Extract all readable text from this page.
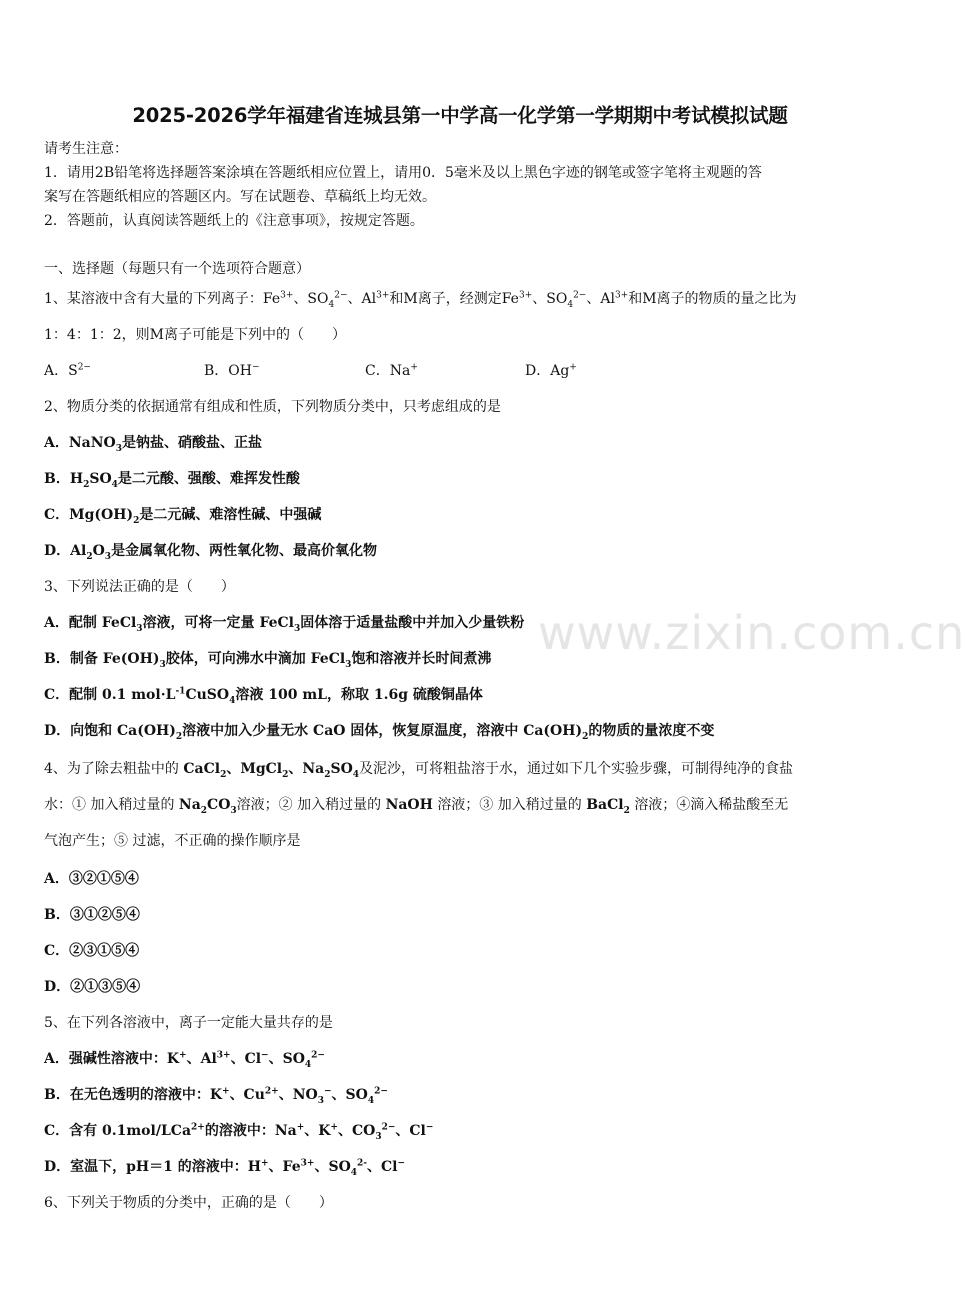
www.zixin.com.cn
2025-2026学年福建省连城县第一中学高一化学第一学期期中考试模拟试题
请考生注意：
1．请用2B铅笔将选择题答案涂填在答题纸相应位置上，请用0．5毫米及以上黑色字迹的钢笔或签字笔将主观题的答
案写在答题纸相应的答题区内。写在试题卷、草稿纸上均无效。
2．答题前，认真阅读答题纸上的《注意事项》，按规定答题。
一、选择题（每题只有一个选项符合题意）
1、某溶液中含有大量的下列离子：$Fe^{3+}$、$SO_4^{2-}$、$Al^{3+}$和M离子，经测定$Fe^{3+}$、$SO_4^{2-}$、$Al^{3+}$和M离子的物质的量之比为
1：4：1：2，则M离子可能是下列中的（　　）
A．$S^{2-}$	B．OH−	C．Na+	D．Ag+
2、物质分类的依据通常有组成和性质，下列物质分类中，只考虑组成的是
A．NaNO$_3$是钠盐、硝酸盐、正盐
B．$H_2SO_4$是二元酸、强酸、难挥发性酸
C．$Mg(OH)_2$是二元碱、难溶性碱、中强碱
D．$Al_2O_3$是金属氧化物、两性氧化物、最高价氧化物
3、下列说法正确的是（　　）
A．配制 FeCl$_3$溶液，可将一定量 FeCl$_3$固体溶于适量盐酸中并加入少量铁粉
B．制备 $Fe(OH)_3$胶体，可向沸水中滴加 FeCl$_3$饱和溶液并长时间煮沸
C．配制 0.1 $mol\cdot L^{-1}CuSO_4$溶液 100 mL，称取 1.6g 硫酸铜晶体
D．向饱和 $Ca(OH)_2$溶液中加入少量无水 CaO 固体，恢复原温度，溶液中 $Ca(OH)_2$的物质的量浓度不变
4、为了除去粗盐中的 CaCl$_2$、MgCl$_2$、$Na_2SO_4$及泥沙，可将粗盐溶于水，通过如下几个实验步骤，可制得纯净的食盐
水：① 加入稍过量的 $Na_2CO_3$溶液；② 加入稍过量的 NaOH 溶液；③ 加入稍过量的 BaCl$_2$ 溶液；④滴入稀盐酸至无
气泡产生；⑤ 过滤，不正确的操作顺序是
A．③②①⑤④
B．③①②⑤④
C．②③①⑤④
D．②①③⑤④
5、在下列各溶液中，离子一定能大量共存的是
A．强碱性溶液中：K+、$Al^{3+}$、Cl−、$SO_4^{2-}$
B．在无色透明的溶液中：K+、$Cu^{2+}$、$NO_3^-$、$SO_4^{2-}$
C．含有 0.1mol/LCa$^{2+}$的溶液中：Na+、K+、$CO_3^{2-}$、Cl−
D．室温下，pH＝1 的溶液中：H+、$Fe^{3+}$、$SO_4^{2-}$、Cl−
6、下列关于物质的分类中，正确的是（　　）
